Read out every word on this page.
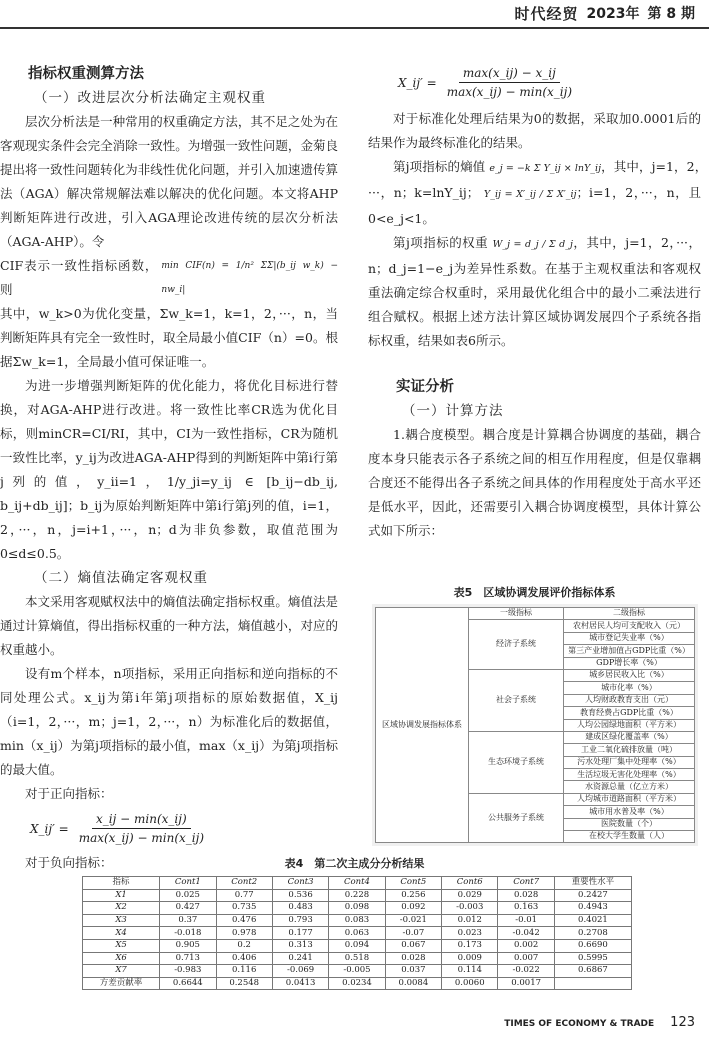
时代经贸 2023年 第 8 期
指标权重测算方法
（一）改进层次分析法确定主观权重

层次分析法是一种常用的权重确定方法，其不足之处为在客观现实条件会完全消除一致性。为增强一致性问题，金菊良提出将一致性问题转化为非线性优化问题，并引入加速遗传算法（AGA）解决常规解法难以解决的优化问题。本文将AHP判断矩阵进行改进，引入AGA理论改进传统的层次分析法（AGA-AHP）。令

CIF表示一致性指标函数，则
min CIF(n) = 1/n² ΣΣ|(b_ij w_k) − nw_i|

其中，w_k>0为优化变量，Σw_k=1，k=1，2，···，n，当判断矩阵具有完全一致性时，取全局最小值CIF（n）=0。根据Σw_k=1，全局最小值可保证唯一。

为进一步增强判断矩阵的优化能力，将优化目标进行替换，对AGA-AHP进行改进。将一致性比率CR选为优化目标，则minCR=CI/RI，其中，CI为一致性指标，CR为随机一致性比率，y_ij为改进AGA-AHP得到的判断矩阵中第i行第j列的值，y_ii=1，1/y_ji=y_ij ∈ [b_ij−db_ij, b_ij+db_ij]；b_ij为原始判断矩阵中第i行第j列的值，i=1，2，···，n，j=i+1，···，n；d为非负参数，取值范围为0≤d≤0.5。

（二）熵值法确定客观权重

本文采用客观赋权法中的熵值法确定指标权重。熵值法是通过计算熵值，得出指标权重的一种方法，熵值越小，对应的权重越小。

设有m个样本，n项指标，采用正向指标和逆向指标的不同处理公式。x_ij为第i年第j项指标的原始数据值，X_ij（i=1，2，···，m；j=1，2，···，n）为标准化后的数据值，min（x_ij）为第j项指标的最小值，max（x_ij）为第j项指标的最大值。

对于正向指标：

X_ij′ = $\frac{x\_ij - \min(x\_ij)}{\max(x\_ij) - \min(x\_ij)}$

对于负向指标：

X_ij′ = $\frac{\max(x\_ij) - x\_ij}{\max(x\_ij) - \min(x\_ij)}$

对于标准化处理后结果为0的数据，采取加0.0001后的结果作为最终标准化的结果。

第j项指标的熵值 e_j = −k Σ Y_ij × lnY_ij，其中，j=1，2，···，n；k=lnY_ij； Y_ij = X′_ij / Σ X′_ij；i=1，2，···，n，且0<e_j<1。

第j项指标的权重 W_j = d_j / Σ d_j，其中，j=1，2，···，n；d_j=1−e_j为差异性系数。在基于主观权重法和客观权重法确定综合权重时，采用最优化组合中的最小二乘法进行组合赋权。根据上述方法计算区域协调发展四个子系统各指标权重，结果如表6所示。

实证分析
（一）计算方法

1.耦合度模型。耦合度是计算耦合协调度的基础，耦合度本身只能表示各子系统之间的相互作用程度，但是仅靠耦合度还不能得出各子系统之间具体的作用程度处于高水平还是低水平，因此，还需要引入耦合协调度模型，具体计算公式如下所示：

表5　区域协调发展评价指标体系
区域协调发展指标体系	一级指标	二级指标
	经济子系统	农村居民人均可支配收入（元）
		城市登记失业率（%）
		第三产业增加值占GDP比重（%）
		GDP增长率（%）
	社会子系统	城乡居民收入比（%）
		城市化率（%）
		人均财政教育支出（元）
		教育经费占GDP比重（%）
		人均公园绿地面积（平方米）
	生态环境子系统	建成区绿化覆盖率（%）
		工业二氧化硫排放量（吨）
		污水处理厂集中处理率（%）
		生活垃圾无害化处理率（%）
		水资源总量（亿立方米）
	公共服务子系统	人均城市道路面积（平方米）
		城市用水普及率（%）
		医院数量（个）
		在校大学生数量（人）
表4　第二次主成分分析结果
指标	Cont1	Cont2	Cont3	Cont4	Cont5	Cont6	Cont7	重要性水平
X1	0.025	0.77	0.536	0.228	0.256	0.029	0.028	0.2427
X2	0.427	0.735	0.483	0.098	0.092	-0.003	0.163	0.4943
X3	0.37	0.476	0.793	0.083	-0.021	0.012	-0.01	0.4021
X4	-0.018	0.978	0.177	0.063	-0.07	0.023	-0.042	0.2708
X5	0.905	0.2	0.313	0.094	0.067	0.173	0.002	0.6690
X6	0.713	0.406	0.241	0.518	0.028	0.009	0.007	0.5995
X7	-0.983	0.116	-0.069	-0.005	0.037	0.114	-0.022	0.6867
方差贡献率	0.6644	0.2548	0.0413	0.0234	0.0084	0.0060	0.0017	
TIMES OF ECONOMY & TRADE 123
